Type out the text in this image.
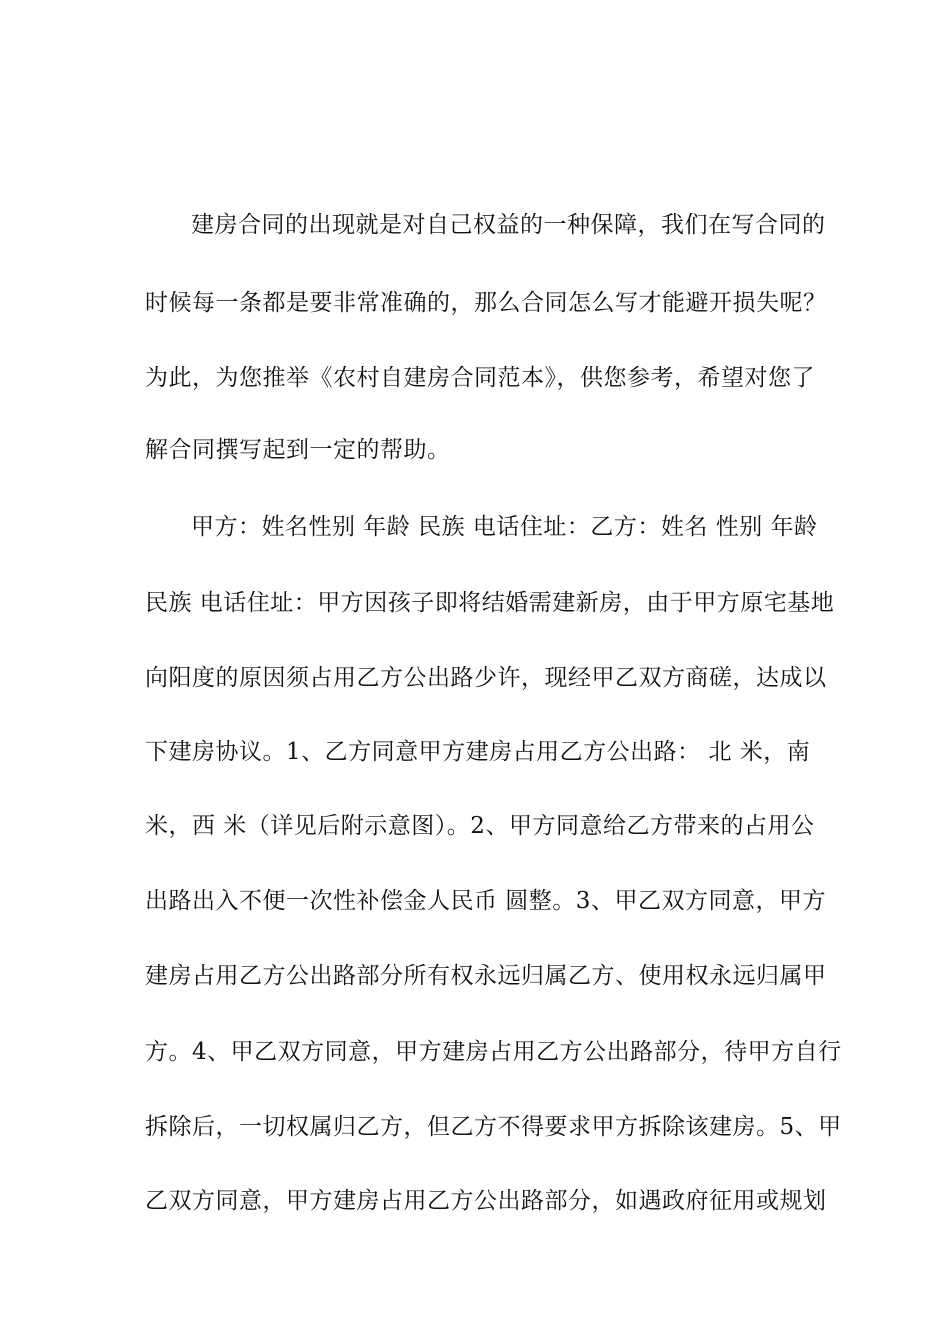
建房合同的出现就是对自己权益的一种保障，我们在写合同的
时候每一条都是要非常准确的，那么合同怎么写才能避开损失呢？
为此，为您推举《农村自建房合同范本》，供您参考，希望对您了
解合同撰写起到一定的帮助。
甲方：姓名性别 年龄 民族 电话住址：乙方：姓名 性别 年龄
民族 电话住址：甲方因孩子即将结婚需建新房，由于甲方原宅基地
向阳度的原因须占用乙方公出路少许，现经甲乙双方商磋，达成以
下建房协议。1、乙方同意甲方建房占用乙方公出路： 北 米，南
米，西 米（详见后附示意图）。2、甲方同意给乙方带来的占用公
出路出入不便一次性补偿金人民币 圆整。3、甲乙双方同意，甲方
建房占用乙方公出路部分所有权永远归属乙方、使用权永远归属甲
方。4、甲乙双方同意，甲方建房占用乙方公出路部分，待甲方自行
拆除后，一切权属归乙方，但乙方不得要求甲方拆除该建房。5、甲
乙双方同意，甲方建房占用乙方公出路部分，如遇政府征用或规划
